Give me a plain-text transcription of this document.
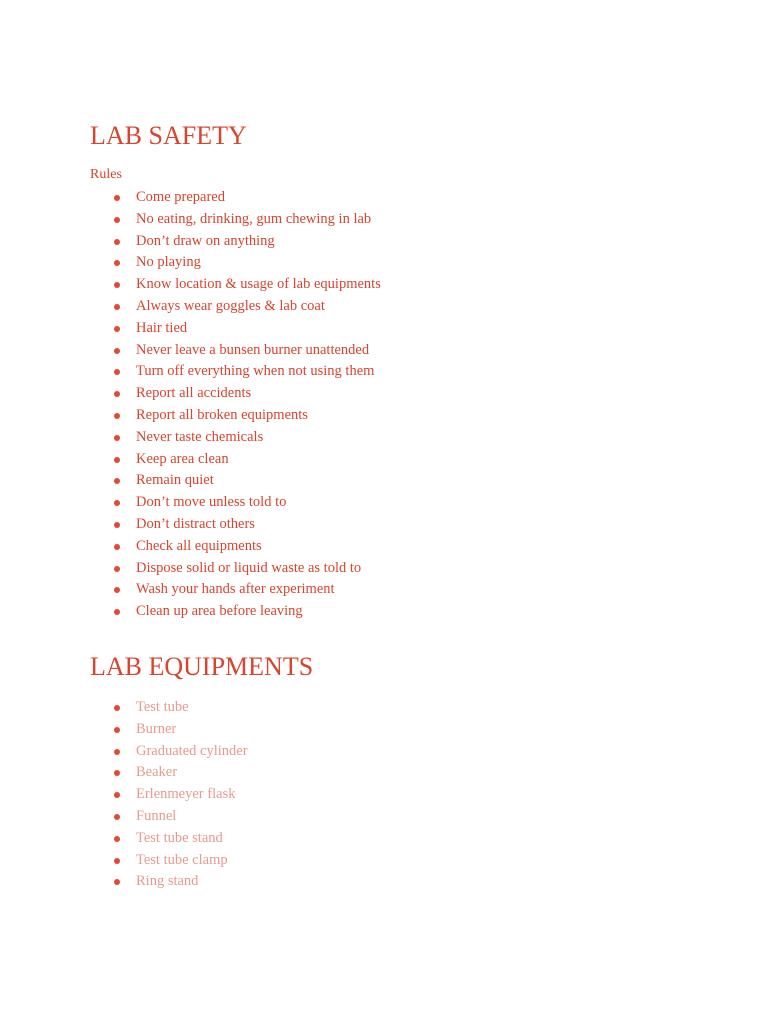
LAB SAFETY
Rules
Come prepared
No eating, drinking, gum chewing in lab
Don’t draw on anything
No playing
Know location & usage of lab equipments
Always wear goggles & lab coat
Hair tied
Never leave a bunsen burner unattended
Turn off everything when not using them
Report all accidents
Report all broken equipments
Never taste chemicals
Keep area clean
Remain quiet
Don’t move unless told to
Don’t distract others
Check all equipments
Dispose solid or liquid waste as told to
Wash your hands after experiment
Clean up area before leaving
LAB EQUIPMENTS
Test tube
Burner
Graduated cylinder
Beaker
Erlenmeyer flask
Funnel
Test tube stand
Test tube clamp
Ring stand
